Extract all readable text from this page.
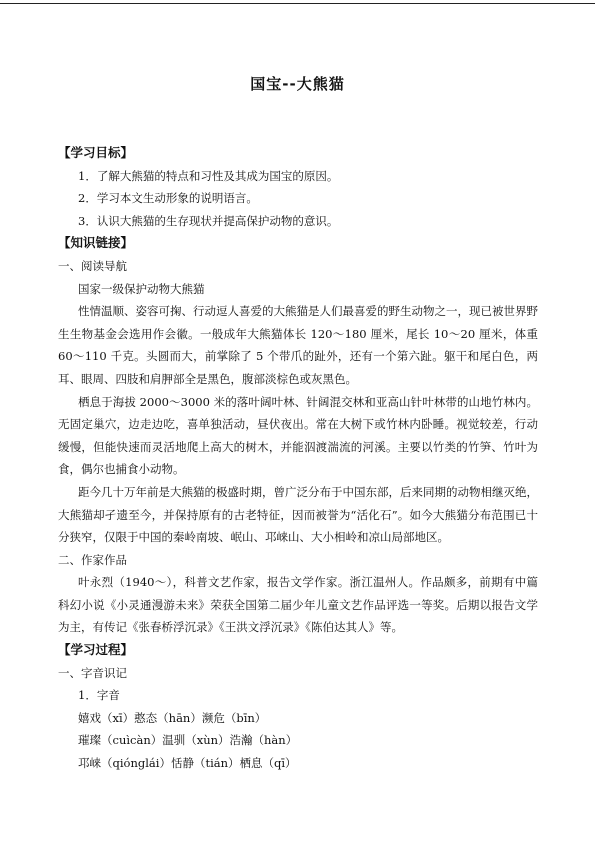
国宝--大熊猫

【学习目标】

1．了解大熊猫的特点和习性及其成为国宝的原因。

2．学习本文生动形象的说明语言。

3．认识大熊猫的生存现状并提高保护动物的意识。

【知识链接】

一、阅读导航

国家一级保护动物大熊猫

性情温顺、姿容可掬、行动逗人喜爱的大熊猫是人们最喜爱的野生动物之一，现已被世界野生生物基金会选用作会徽。一般成年大熊猫体长 120～180 厘米，尾长 10～20 厘米，体重 60～110 千克。头圆而大，前掌除了 5 个带爪的趾外，还有一个第六趾。躯干和尾白色，两耳、眼周、四肢和肩胛部全是黑色，腹部淡棕色或灰黑色。

栖息于海拔 2000～3000 米的落叶阔叶林、针阔混交林和亚高山针叶林带的山地竹林内。无固定巢穴，边走边吃，喜单独活动，昼伏夜出。常在大树下或竹林内卧睡。视觉较差，行动缓慢，但能快速而灵活地爬上高大的树木，并能泅渡湍流的河溪。主要以竹类的竹笋、竹叶为食，偶尔也捕食小动物。

距今几十万年前是大熊猫的极盛时期，曾广泛分布于中国东部，后来同期的动物相继灭绝，大熊猫却孑遗至今，并保持原有的古老特征，因而被誉为“活化石”。如今大熊猫分布范围已十分狭窄，仅限于中国的秦岭南坡、岷山、邛崃山、大小相岭和凉山局部地区。

二、作家作品

叶永烈（1940～），科普文艺作家，报告文学作家。浙江温州人。作品颇多，前期有中篇科幻小说《小灵通漫游未来》荣获全国第二届少年儿童文艺作品评选一等奖。后期以报告文学为主，有传记《张春桥浮沉录》《王洪文浮沉录》《陈伯达其人》等。

【学习过程】

一、字音识记

1．字音

嬉戏（xī）憨态（hān）濒危（bīn）

璀璨（cuìcàn）温驯（xùn）浩瀚（hàn）

邛崃（qiónglái）恬静（tián）栖息（qī）
